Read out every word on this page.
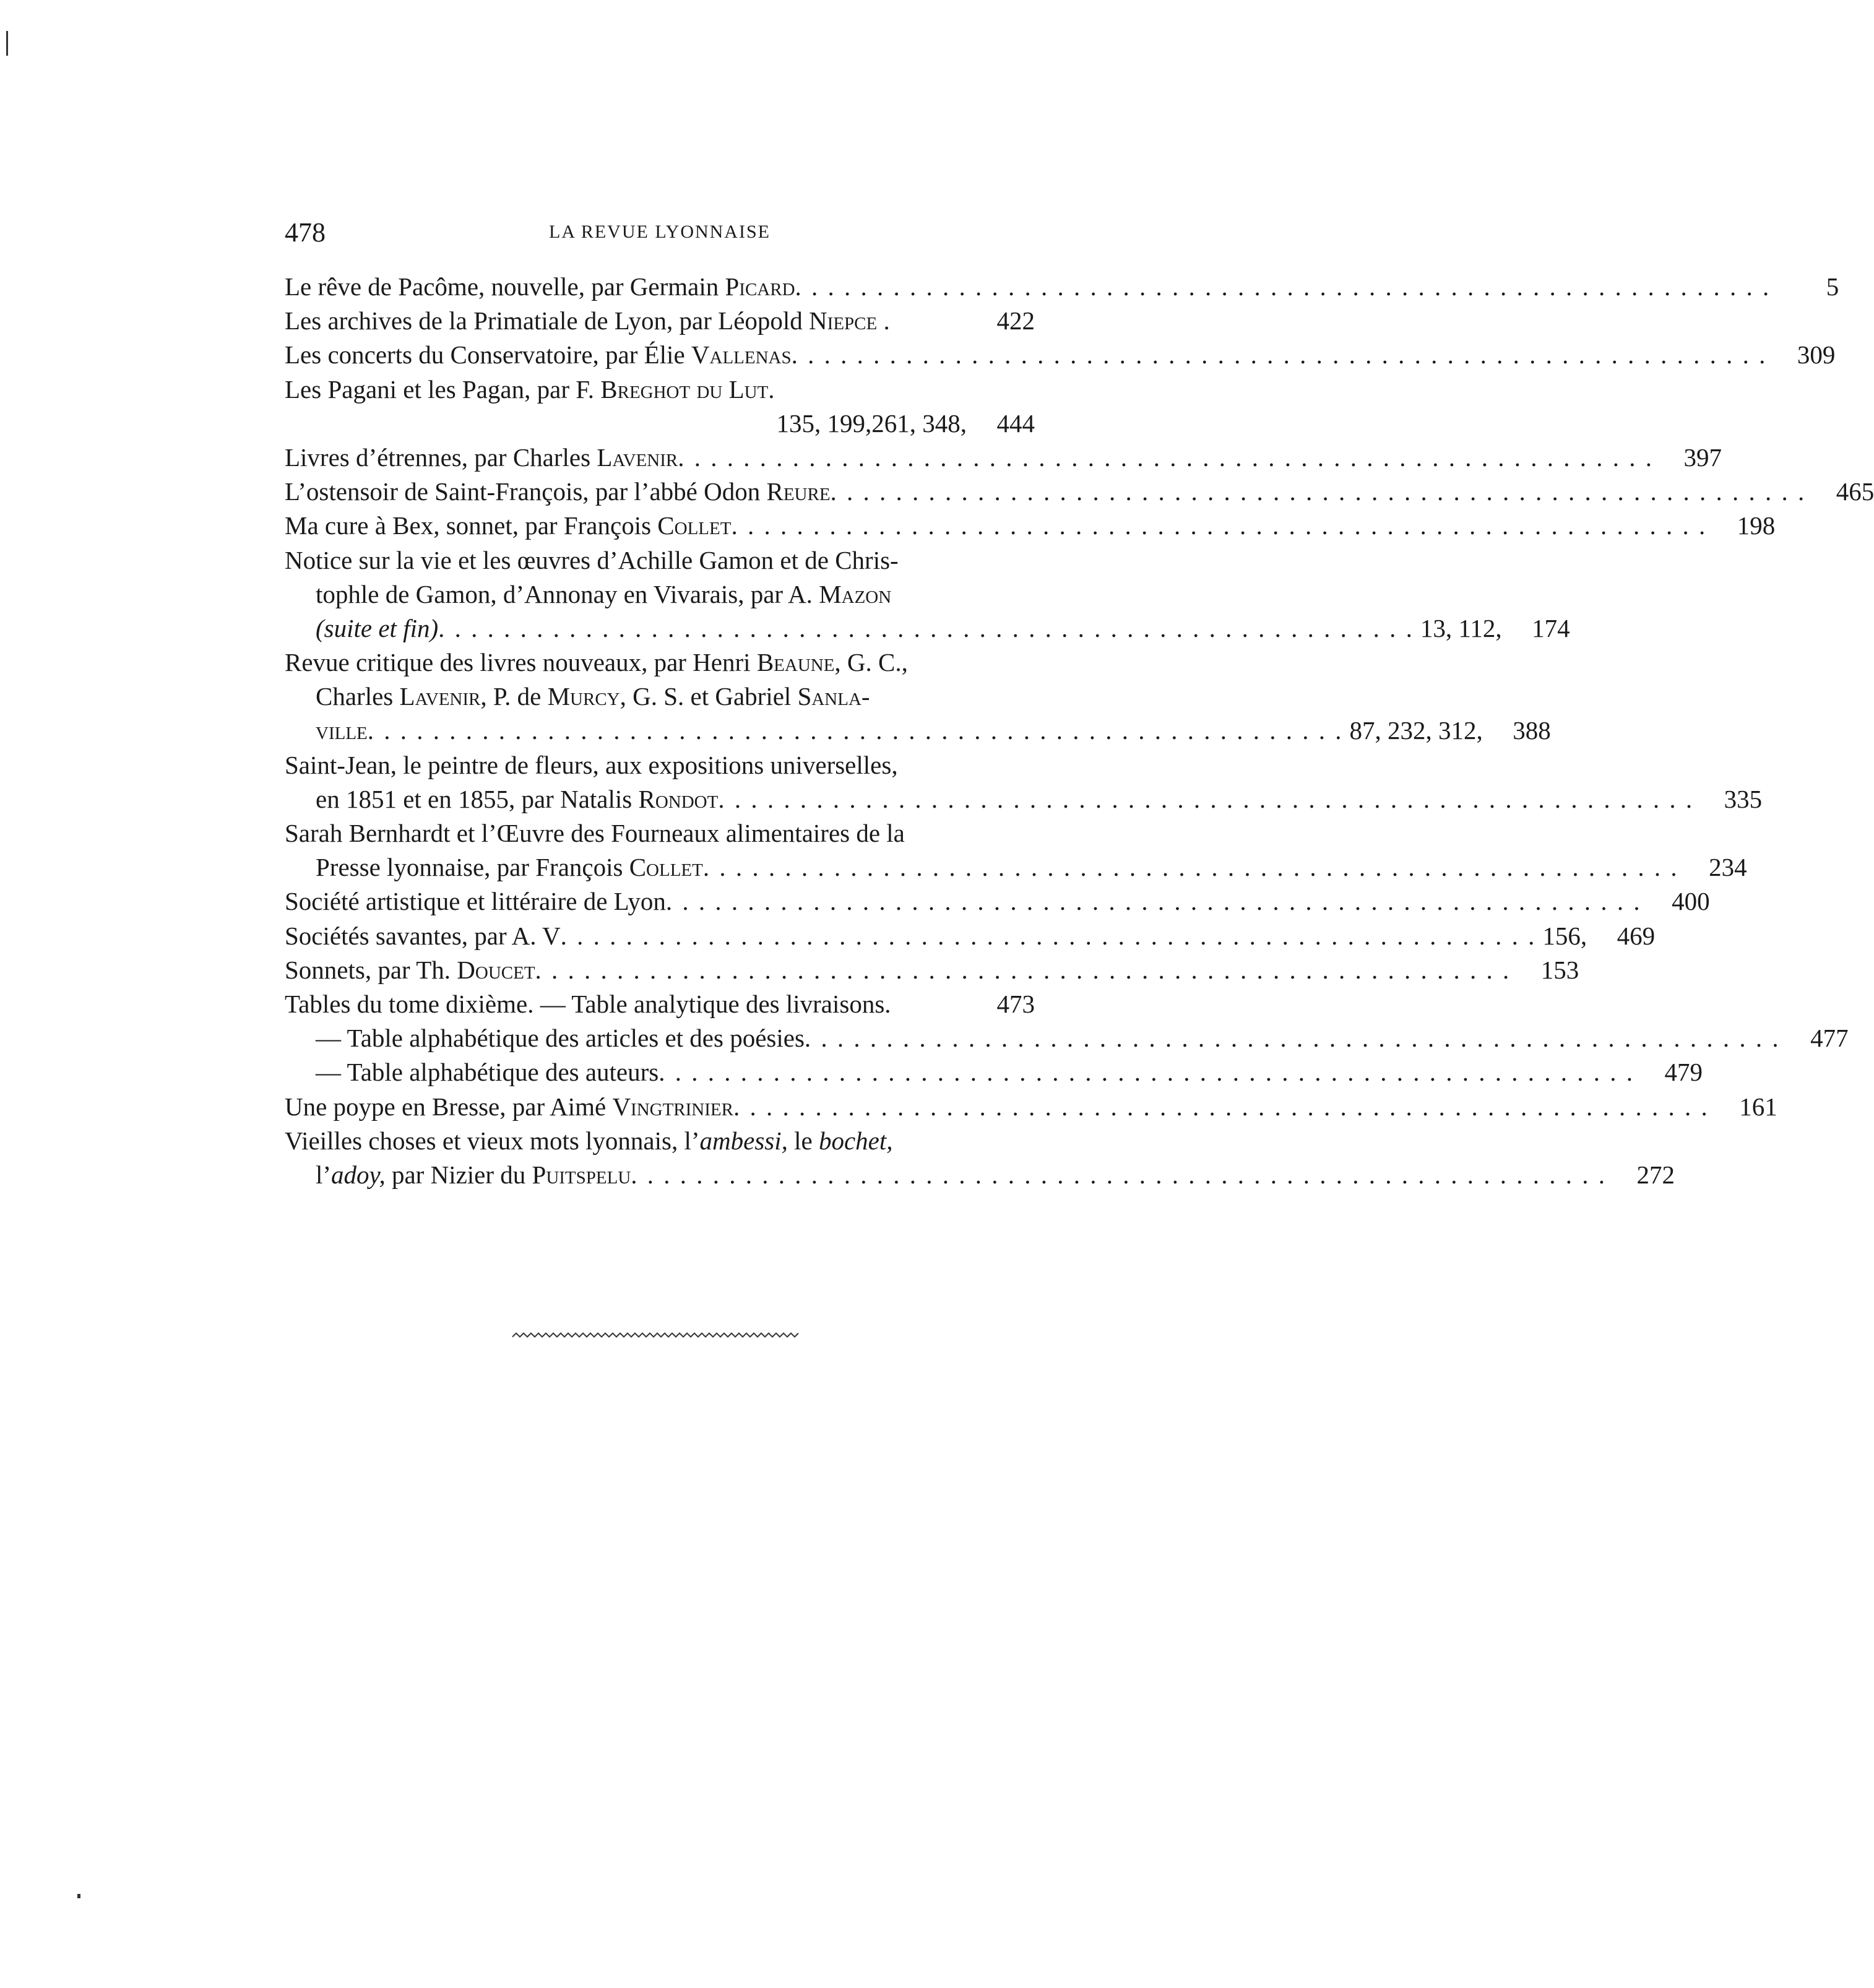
478	LA REVUE LYONNAISE
Le rêve de Pacôme, nouvelle, par Germain Picard . . .	5
Les archives de la Primatiale de Lyon, par Léopold Niepce .	422
Les concerts du Conservatoire, par Élie Vallenas . . .	309
Les Pagani et les Pagan, par F. Breghot du Lut.
135, 199,261, 348,	444
Livres d’étrennes, par Charles Lavenir . . .	397
L’ostensoir de Saint-François, par l’abbé Odon Reure . . .	465
Ma cure à Bex, sonnet, par François Collet . . .	198
Notice sur la vie et les œuvres d’Achille Gamon et de Chris-
tophle de Gamon, d’Annonay en Vivarais, par A. Mazon
(suite et fin) . . .	13, 112,	174
Revue critique des livres nouveaux, par Henri Beaune, G. C.,
Charles Lavenir, P. de Murcy, G. S. et Gabriel Sanla-
ville . . .	87, 232, 312,	388
Saint-Jean, le peintre de fleurs, aux expositions universelles,
en 1851 et en 1855, par Natalis Rondot . . .	335
Sarah Bernhardt et l’Œuvre des Fourneaux alimentaires de la
Presse lyonnaise, par François Collet . . .	234
Société artistique et littéraire de Lyon . . .	400
Sociétés savantes, par A. V . . .	156,	469
Sonnets, par Th. Doucet . . .	153
Tables du tome dixième. — Table analytique des livraisons.	473
— Table alphabétique des articles et des poésies . . .	477
— Table alphabétique des auteurs . . .	479
Une poype en Bresse, par Aimé Vingtrinier . . .	161
Vieilles choses et vieux mots lyonnais, l’ambessi, le bochet,
l’adoy, par Nizier du Puitspelu . . .	272
